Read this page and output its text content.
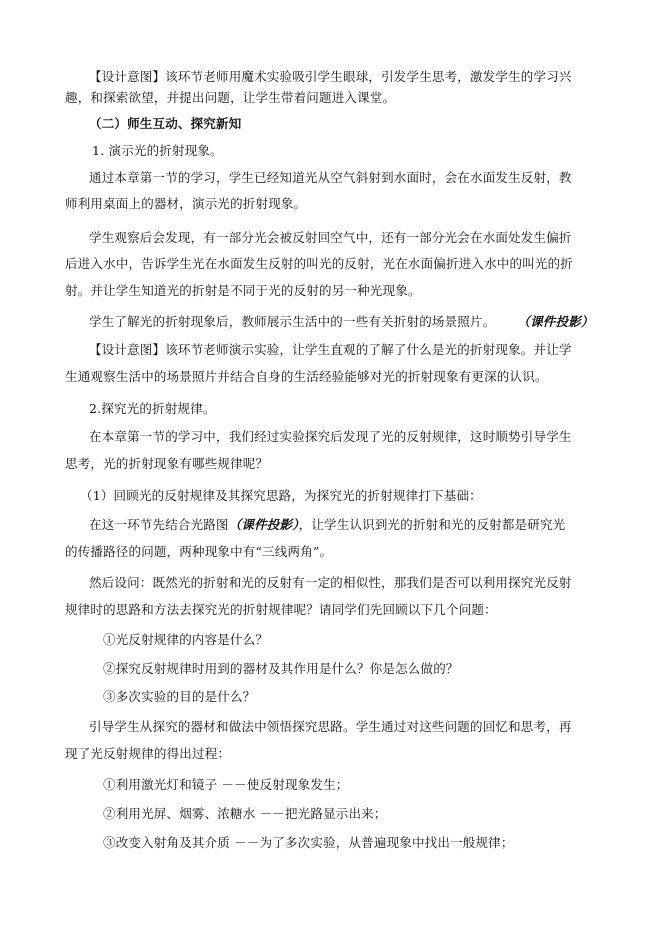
【设计意图】该环节老师用魔术实验吸引学生眼球，引发学生思考，激发学生的学习兴
趣，和探索欲望，并提出问题，让学生带着问题进入课堂。
（二）师生互动、探究新知
1. 演示光的折射现象。
通过本章第一节的学习，学生已经知道光从空气斜射到水面时，会在水面发生反射，教
师利用桌面上的器材，演示光的折射现象。
学生观察后会发现，有一部分光会被反射回空气中，还有一部分光会在水面处发生偏折
后进入水中，告诉学生光在水面发生反射的叫光的反射，光在水面偏折进入水中的叫光的折
射。并让学生知道光的折射是不同于光的反射的另一种光现象。
学生了解光的折射现象后，教师展示生活中的一些有关折射的场景照片。 （课件投影）
【设计意图】该环节老师演示实验，让学生直观的了解了什么是光的折射现象。并让学
生通观察生活中的场景照片并结合自身的生活经验能够对光的折射现象有更深的认识。
2.探究光的折射规律。
在本章第一节的学习中，我们经过实验探究后发现了光的反射规律，这时顺势引导学生
思考，光的折射现象有哪些规律呢？
（1）回顾光的反射规律及其探究思路，为探究光的折射规律打下基础：
在这一环节先结合光路图（课件投影），让学生认识到光的折射和光的反射都是研究光
的传播路径的问题，两种现象中有“三线两角”。
然后设问：既然光的折射和光的反射有一定的相似性，那我们是否可以利用探究光反射
规律时的思路和方法去探究光的折射规律呢？请同学们先回顾以下几个问题：
①光反射规律的内容是什么？
②探究反射规律时用到的器材及其作用是什么？你是怎么做的？
③多次实验的目的是什么？
引导学生从探究的器材和做法中领悟探究思路。学生通过对这些问题的回忆和思考，再
现了光反射规律的得出过程：
①利用激光灯和镜子 －－使反射现象发生；
②利用光屏、烟雾、浓糖水 －－把光路显示出来；
③改变入射角及其介质 －－为了多次实验，从普遍现象中找出一般规律；
